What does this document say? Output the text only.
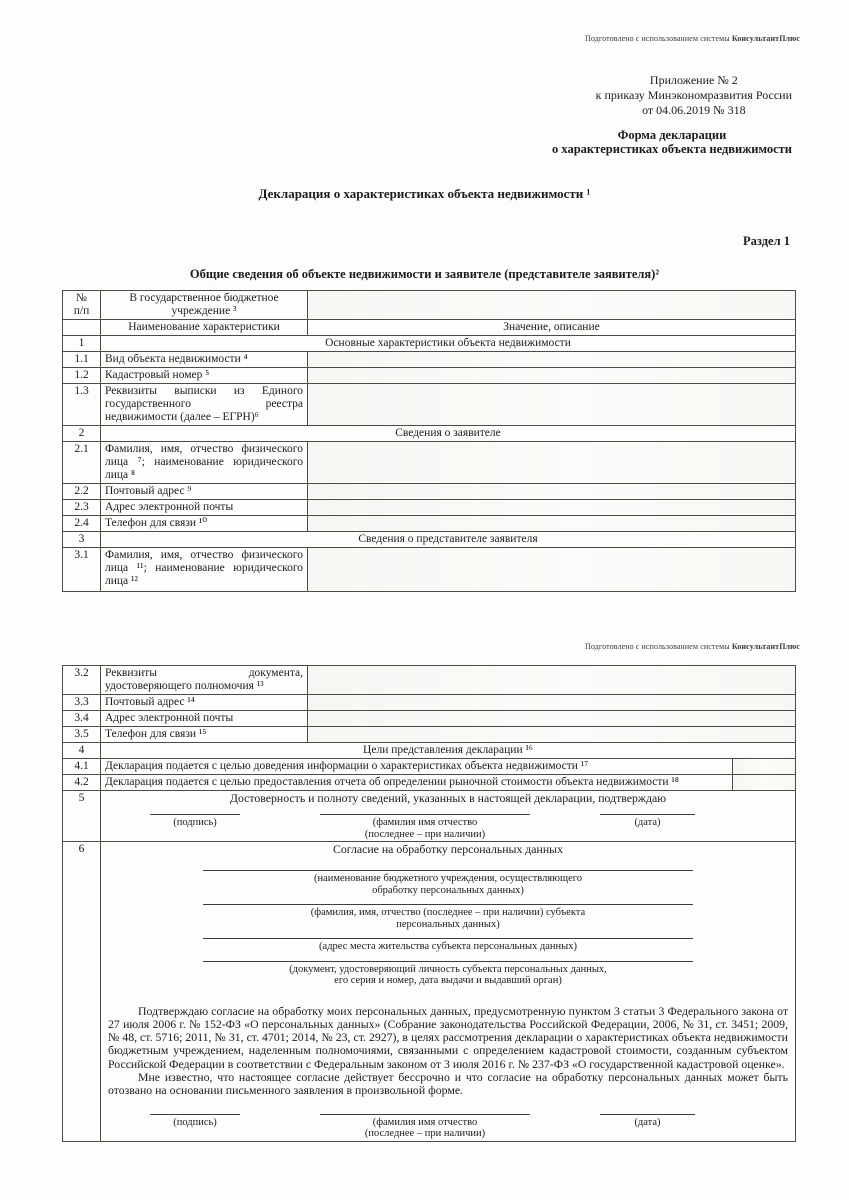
Подготовлено с использованием системы КонсультантПлюс
Приложение № 2
к приказу Минэкономразвития России
от 04.06.2019 № 318
Форма декларации
о характеристиках объекта недвижимости
Декларация о характеристиках объекта недвижимости ¹
Раздел 1
Общие сведения об объекте недвижимости и заявителе (представителе заявителя)²
№
п/п	В государственное бюджетное учреждение ³	
	Наименование характеристики	Значение, описание
1	Основные характеристики объекта недвижимости	
1.1	Вид объекта недвижимости ⁴	
1.2	Кадастровый номер ⁵	
1.3	Реквизиты выписки из Единого государственного реестра недвижимости (далее – ЕГРН)⁶	
2	Сведения о заявителе	
2.1	Фамилия, имя, отчество физического лица ⁷; наименование юридического лица ⁸	
2.2	Почтовый адрес ⁹	
2.3	Адрес электронной почты	
2.4	Телефон для связи ¹⁰	
3	Сведения о представителе заявителя	
3.1	Фамилия, имя, отчество физического лица ¹¹; наименование юридического лица ¹²	
Подготовлено с использованием системы КонсультантПлюс
3.2	Реквизиты документа, удостоверяющего полномочия ¹³		
3.3	Почтовый адрес ¹⁴		
3.4	Адрес электронной почты		
3.5	Телефон для связи ¹⁵		
4	Цели представления декларации ¹⁶		
4.1	Декларация подается с целью доведения информации о характеристиках объекта недвижимости ¹⁷		
4.2	Декларация подается с целью предоставления отчета об определении рыночной стоимости объекта недвижимости ¹⁸		
5	Достоверность и полноту сведений, указанных в настоящей декларации, подтверждаю
(подпись) (фамилия имя отчество
(последнее – при наличии)
(дата)		

6	Согласие на обработку персональных данных
(наименование бюджетного учреждения, осуществляющего
обработку персональных данных)
(фамилия, имя, отчество (последнее – при наличии) субъекта
персональных данных)
(адрес места жительства субъекта персональных данных)
(документ, удостоверяющий личность субъекта персональных данных,
его серия и номер, дата выдачи и выдавший орган)

Подтверждаю согласие на обработку моих персональных данных, предусмотренную пунктом 3 статьи 3 Федерального закона от 27 июля 2006 г. № 152-ФЗ «О персональных данных» (Собрание законодательства Российской Федерации, 2006, № 31, ст. 3451; 2009, № 48, ст. 5716; 2011, № 31, ст. 4701; 2014, № 23, ст. 2927), в целях рассмотрения декларации о характеристиках объекта недвижимости бюджетным учреждением, наделенным полномочиями, связанными с определением кадастровой стоимости, созданным субъектом Российской Федерации в соответствии с Федеральным законом от 3 июля 2016 г. № 237-ФЗ «О государственной кадастровой оценке».

Мне известно, что настоящее согласие действует бессрочно и что согласие на обработку персональных данных может быть отозвано на основании письменного заявления в произвольной форме.

(подпись)	(фамилия имя отчество
(последнее – при наличии)
(дата)
